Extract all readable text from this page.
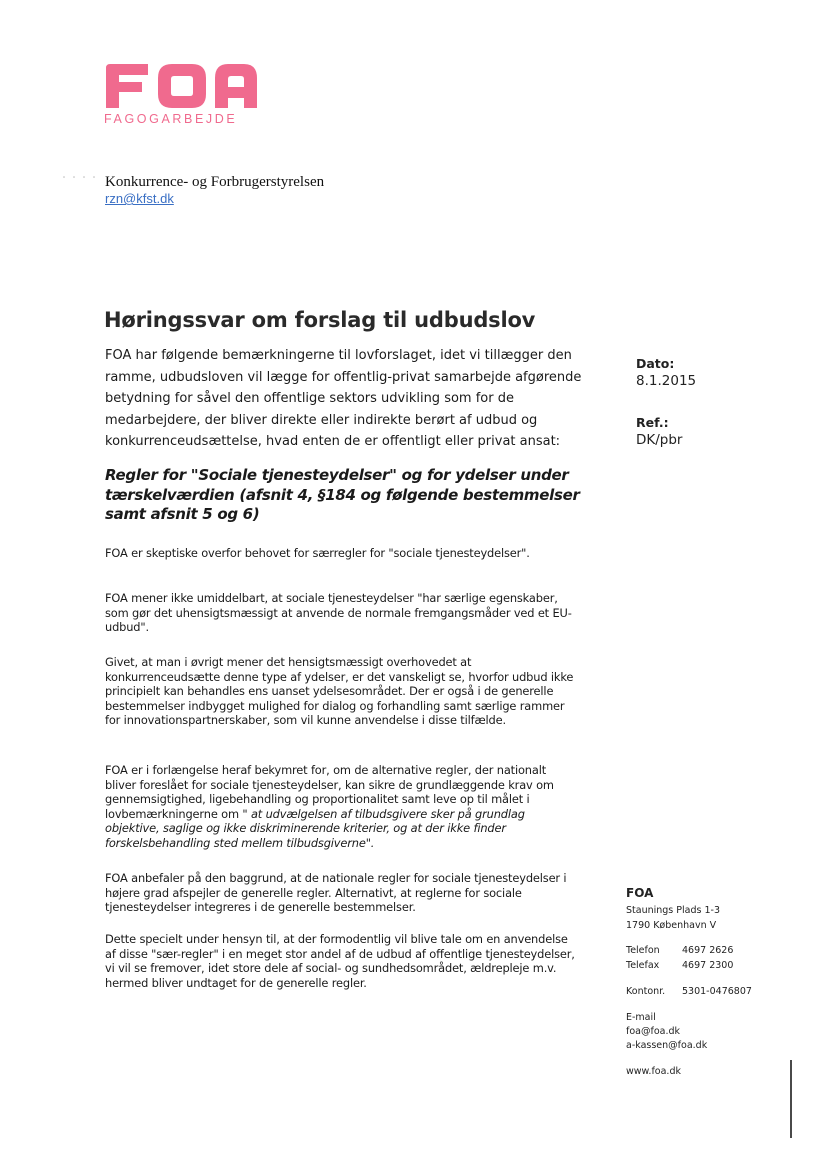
FAGOGARBEJDE
Konkurrence- og Forbrugerstyrelsen
rzn@kfst.dk
Høringssvar om forslag til udbudslov
FOA har følgende bemærkningerne til lovforslaget, idet vi tillægger den ramme, udbudsloven vil lægge for offentlig-privat samarbejde afgørende betydning for såvel den offentlige sektors udvikling som for de medarbejdere, der bliver direkte eller indirekte berørt af udbud og konkurrenceudsættelse, hvad enten de er offentligt eller privat ansat:
Dato:
8.1.2015
Ref.:
DK/pbr
Regler for "Sociale tjenesteydelser" og for ydelser under tærskelværdien (afsnit 4, §184 og følgende bestemmelser samt afsnit 5 og 6)
FOA er skeptiske overfor behovet for særregler for "sociale tjenesteydelser".
FOA mener ikke umiddelbart, at sociale tjenesteydelser "har særlige egenskaber, som gør det uhensigtsmæssigt at anvende de normale fremgangsmåder ved et EU-udbud".
Givet, at man i øvrigt mener det hensigtsmæssigt overhovedet at konkurrenceudsætte denne type af ydelser, er det vanskeligt se, hvorfor udbud ikke principielt kan behandles ens uanset ydelsesområdet. Der er også i de generelle bestemmelser indbygget mulighed for dialog og forhandling samt særlige rammer for innovationspartnerskaber, som vil kunne anvendelse i disse tilfælde.
FOA er i forlængelse heraf bekymret for, om de alternative regler, der nationalt bliver foreslået for sociale tjenesteydelser, kan sikre de grundlæggende krav om gennemsigtighed, ligebehandling og proportionalitet samt leve op til målet i lovbemærkningerne om " at udvælgelsen af tilbudsgivere sker på grundlag objektive, saglige og ikke diskriminerende kriterier, og at der ikke finder forskelsbehandling sted mellem tilbudsgiverne".
FOA anbefaler på den baggrund, at de nationale regler for sociale tjenesteydelser i højere grad afspejler de generelle regler. Alternativt, at reglerne for sociale tjenesteydelser integreres i de generelle bestemmelser.
Dette specielt under hensyn til, at der formodentlig vil blive tale om en anvendelse af disse "sær-regler" i en meget stor andel af de udbud af offentlige tjenesteydelser, vi vil se fremover, idet store dele af social- og sundhedsområdet, ældrepleje m.v. hermed bliver undtaget for de generelle regler.
FOA
Staunings Plads 1-3
1790 København V
Telefon 4697 2626
Telefax 4697 2300
Kontonr. 5301-0476807
E-mail
foa@foa.dk
a-kassen@foa.dk
www.foa.dk
